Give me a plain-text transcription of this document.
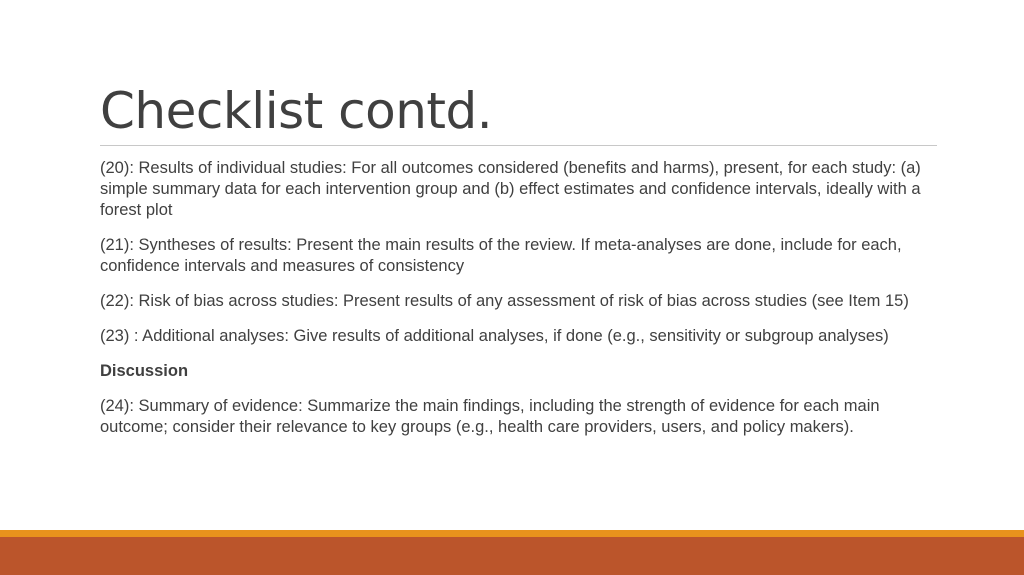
Checklist contd.

(20): Results of individual studies: For all outcomes considered (benefits and harms), present, for each study: (a) simple summary data for each intervention group and (b) effect estimates and confidence intervals, ideally with a forest plot

(21): Syntheses of results: Present the main results of the review. If meta-analyses are done, include for each, confidence intervals and measures of consistency

(22): Risk of bias across studies: Present results of any assessment of risk of bias across studies (see Item 15)

(23) : Additional analyses: Give results of additional analyses, if done (e.g., sensitivity or subgroup analyses)

Discussion

(24): Summary of evidence: Summarize the main findings, including the strength of evidence for each main outcome; consider their relevance to key groups (e.g., health care providers, users, and policy makers).
